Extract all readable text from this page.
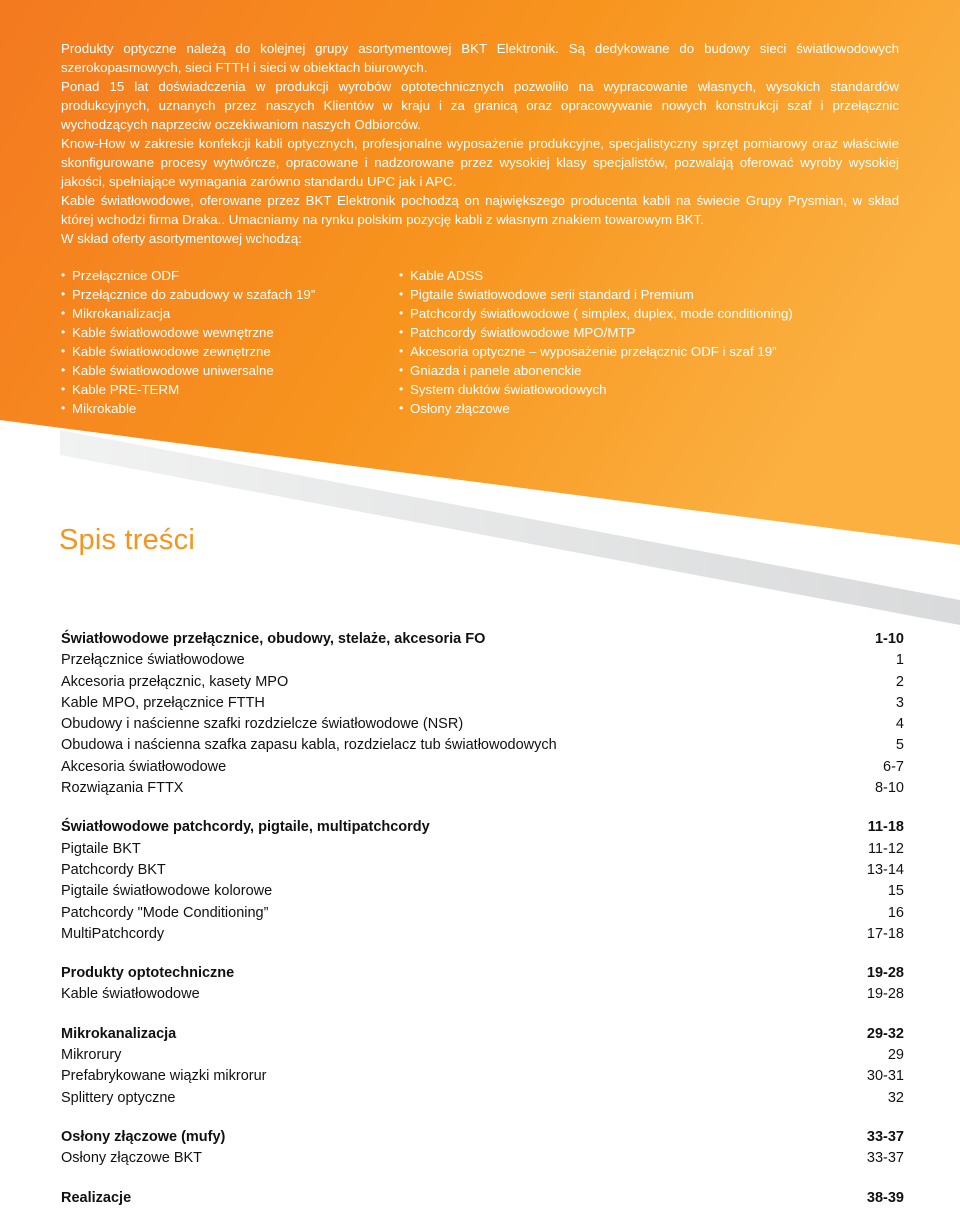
Produkty optyczne należą do kolejnej grupy asortymentowej BKT Elektronik. Są dedykowane do budowy sieci światłowodowych szerokopasmowych, sieci FTTH i sieci w obiektach biurowych.

Ponad 15 lat doświadczenia w produkcji wyrobów optotechnicznych pozwoliło na wypracowanie własnych, wysokich standardów produkcyjnych, uznanych przez naszych Klientów w kraju i za granicą oraz opracowywanie nowych konstrukcji szaf i przełącznic wychodzących naprzeciw oczekiwaniom naszych Odbiorców.

Know-How w zakresie konfekcji kabli optycznych, profesjonalne wyposażenie produkcyjne, specjalistyczny sprzęt pomiarowy oraz właściwie skonfigurowane procesy wytwórcze, opracowane i nadzorowane przez wysokiej klasy specjalistów, pozwalają oferować wyroby wysokiej jakości, spełniające wymagania zarówno standardu UPC jak i APC.

Kable światłowodowe, oferowane przez BKT Elektronik pochodzą on największego producenta kabli na świecie Grupy Prysmian, w skład której wchodzi firma Draka.. Umacniamy na rynku polskim pozycję kabli z własnym znakiem towarowym BKT.

W skład oferty asortymentowej wchodzą:

• Przełącznice ODF
• Przełącznice do zabudowy w szafach 19”
• Mikrokanalizacja
• Kable światłowodowe wewnętrzne
• Kable światłowodowe zewnętrzne
• Kable światłowodowe uniwersalne
• Kable PRE-TERM
• Mikrokable
• Kable ADSS
• Pigtaile światłowodowe serii standard i Premium
• Patchcordy światłowodowe ( simplex, duplex, mode conditioning)
• Patchcordy światłowodowe MPO/MTP
• Akcesoria optyczne – wyposażenie przełącznic ODF i szaf 19”
• Gniazda i panele abonenckie
• System duktów światłowodowych
• Osłony złączowe
Spis treści
Światłowodowe przełącznice, obudowy, stelaże, akcesoria FO	1-10
Przełącznice światłowodowe	1
Akcesoria przełącznic, kasety MPO	2
Kable MPO, przełącznice FTTH	3
Obudowy i naścienne szafki rozdzielcze światłowodowe (NSR)	4
Obudowa i naścienna szafka zapasu kabla, rozdzielacz tub światłowodowych	5
Akcesoria światłowodowe	6-7
Rozwiązania FTTX	8-10
Światłowodowe patchcordy, pigtaile, multipatchcordy	11-18
Pigtaile BKT	11-12
Patchcordy BKT	13-14
Pigtaile światłowodowe kolorowe	15
Patchcordy "Mode Conditioning”	16
MultiPatchcordy	17-18
Produkty optotechniczne	19-28
Kable światłowodowe	19-28
Mikrokanalizacja	29-32
Mikrorury	29
Prefabrykowane wiązki mikrorur	30-31
Splittery optyczne	32
Osłony złączowe (mufy)	33-37
Osłony złączowe BKT	33-37
Realizacje	38-39
